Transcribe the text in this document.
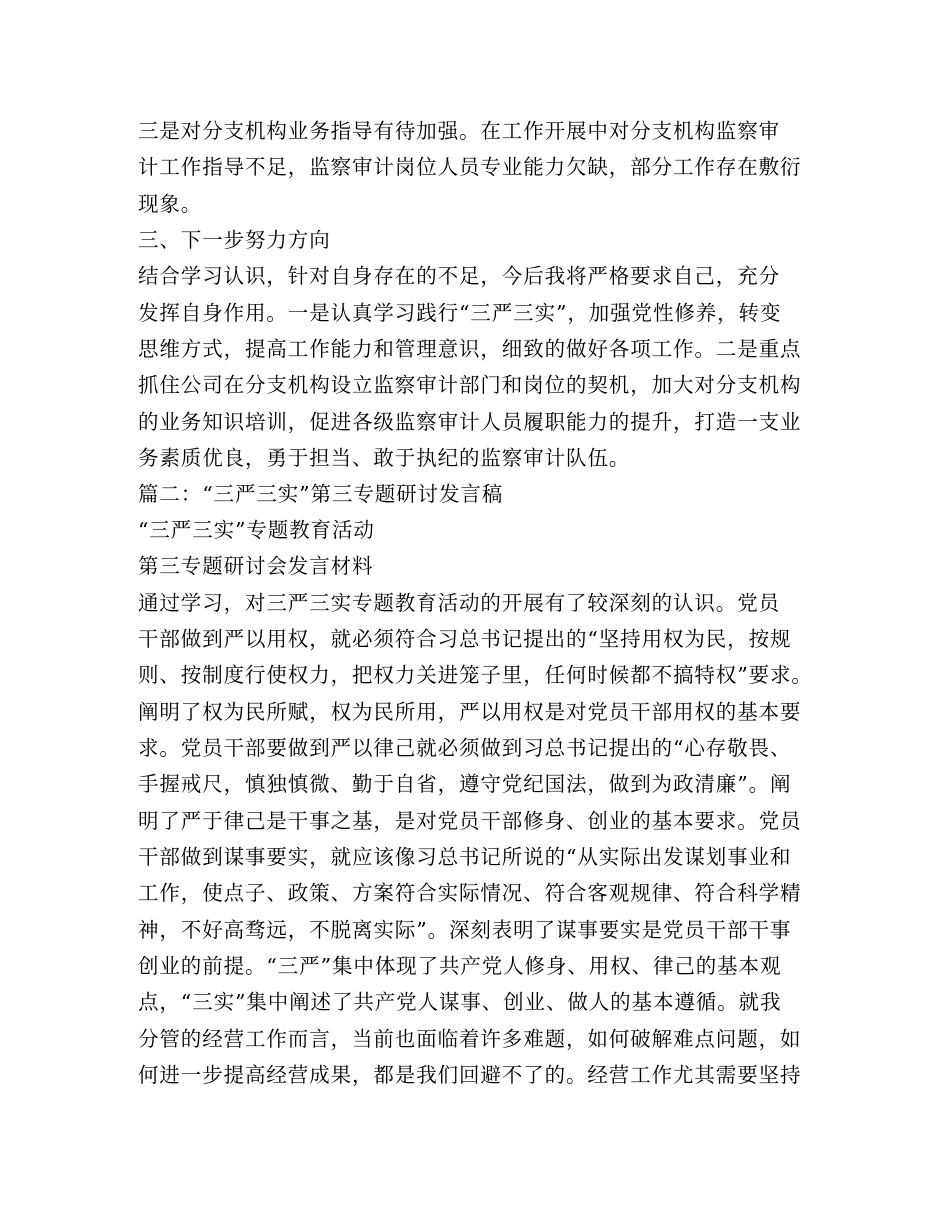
三是对分支机构业务指导有待加强。在工作开展中对分支机构监察审
计工作指导不足，监察审计岗位人员专业能力欠缺，部分工作存在敷衍
现象。
三、下一步努力方向
结合学习认识，针对自身存在的不足，今后我将严格要求自己，充分
发挥自身作用。一是认真学习践行“三严三实”，加强党性修养，转变
思维方式，提高工作能力和管理意识，细致的做好各项工作。二是重点
抓住公司在分支机构设立监察审计部门和岗位的契机，加大对分支机构
的业务知识培训，促进各级监察审计人员履职能力的提升，打造一支业
务素质优良，勇于担当、敢于执纪的监察审计队伍。
篇二：“三严三实”第三专题研讨发言稿
“三严三实”专题教育活动
第三专题研讨会发言材料
通过学习，对三严三实专题教育活动的开展有了较深刻的认识。党员
干部做到严以用权，就必须符合习总书记提出的“坚持用权为民，按规
则、按制度行使权力，把权力关进笼子里，任何时候都不搞特权”要求。
阐明了权为民所赋，权为民所用，严以用权是对党员干部用权的基本要
求。党员干部要做到严以律己就必须做到习总书记提出的“心存敬畏、
手握戒尺，慎独慎微、勤于自省，遵守党纪国法，做到为政清廉”。阐
明了严于律己是干事之基，是对党员干部修身、创业的基本要求。党员
干部做到谋事要实，就应该像习总书记所说的“从实际出发谋划事业和
工作，使点子、政策、方案符合实际情况、符合客观规律、符合科学精
神，不好高骛远，不脱离实际”。深刻表明了谋事要实是党员干部干事
创业的前提。“三严”集中体现了共产党人修身、用权、律己的基本观
点，“三实”集中阐述了共产党人谋事、创业、做人的基本遵循。就我
分管的经营工作而言，当前也面临着许多难题，如何破解难点问题，如
何进一步提高经营成果，都是我们回避不了的。经营工作尤其需要坚持
